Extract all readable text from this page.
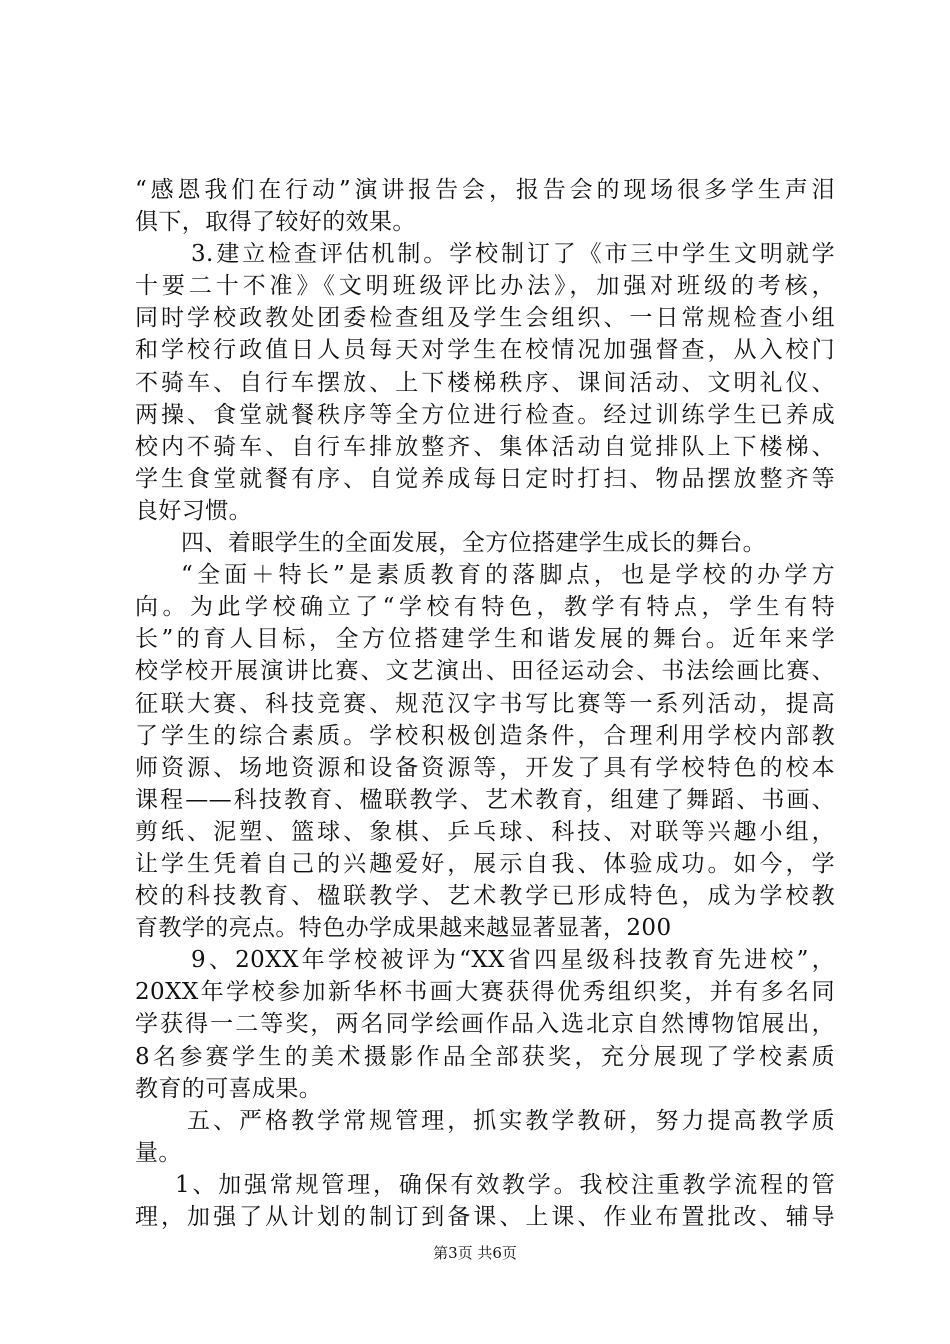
“感恩我们在行动”演讲报告会，报告会的现场很多学生声泪
俱下，取得了较好的效果。
3.建立检查评估机制。学校制订了《市三中学生文明就学
十要二十不准》《文明班级评比办法》，加强对班级的考核，
同时学校政教处团委检查组及学生会组织、一日常规检查小组
和学校行政值日人员每天对学生在校情况加强督查，从入校门
不骑车、自行车摆放、上下楼梯秩序、课间活动、文明礼仪、
两操、食堂就餐秩序等全方位进行检查。经过训练学生已养成
校内不骑车、自行车排放整齐、集体活动自觉排队上下楼梯、
学生食堂就餐有序、自觉养成每日定时打扫、物品摆放整齐等
良好习惯。
四、着眼学生的全面发展，全方位搭建学生成长的舞台。
“全面＋特长”是素质教育的落脚点，也是学校的办学方
向。为此学校确立了“学校有特色，教学有特点，学生有特
长”的育人目标，全方位搭建学生和谐发展的舞台。近年来学
校学校开展演讲比赛、文艺演出、田径运动会、书法绘画比赛、
征联大赛、科技竞赛、规范汉字书写比赛等一系列活动，提高
了学生的综合素质。学校积极创造条件，合理利用学校内部教
师资源、场地资源和设备资源等，开发了具有学校特色的校本
课程——科技教育、楹联教学、艺术教育，组建了舞蹈、书画、
剪纸、泥塑、篮球、象棋、乒乓球、科技、对联等兴趣小组，
让学生凭着自己的兴趣爱好，展示自我、体验成功。如今，学
校的科技教育、楹联教学、艺术教学已形成特色，成为学校教
育教学的亮点。特色办学成果越来越显著显著，200
9、20XX年学校被评为“XX省四星级科技教育先进校”，
20XX年学校参加新华杯书画大赛获得优秀组织奖，并有多名同
学获得一二等奖，两名同学绘画作品入选北京自然博物馆展出，
8名参赛学生的美术摄影作品全部获奖，充分展现了学校素质
教育的可喜成果。
五、严格教学常规管理，抓实教学教研，努力提高教学质
量。
1、加强常规管理，确保有效教学。我校注重教学流程的管
理，加强了从计划的制订到备课、上课、作业布置批改、辅导
第3页 共6页
